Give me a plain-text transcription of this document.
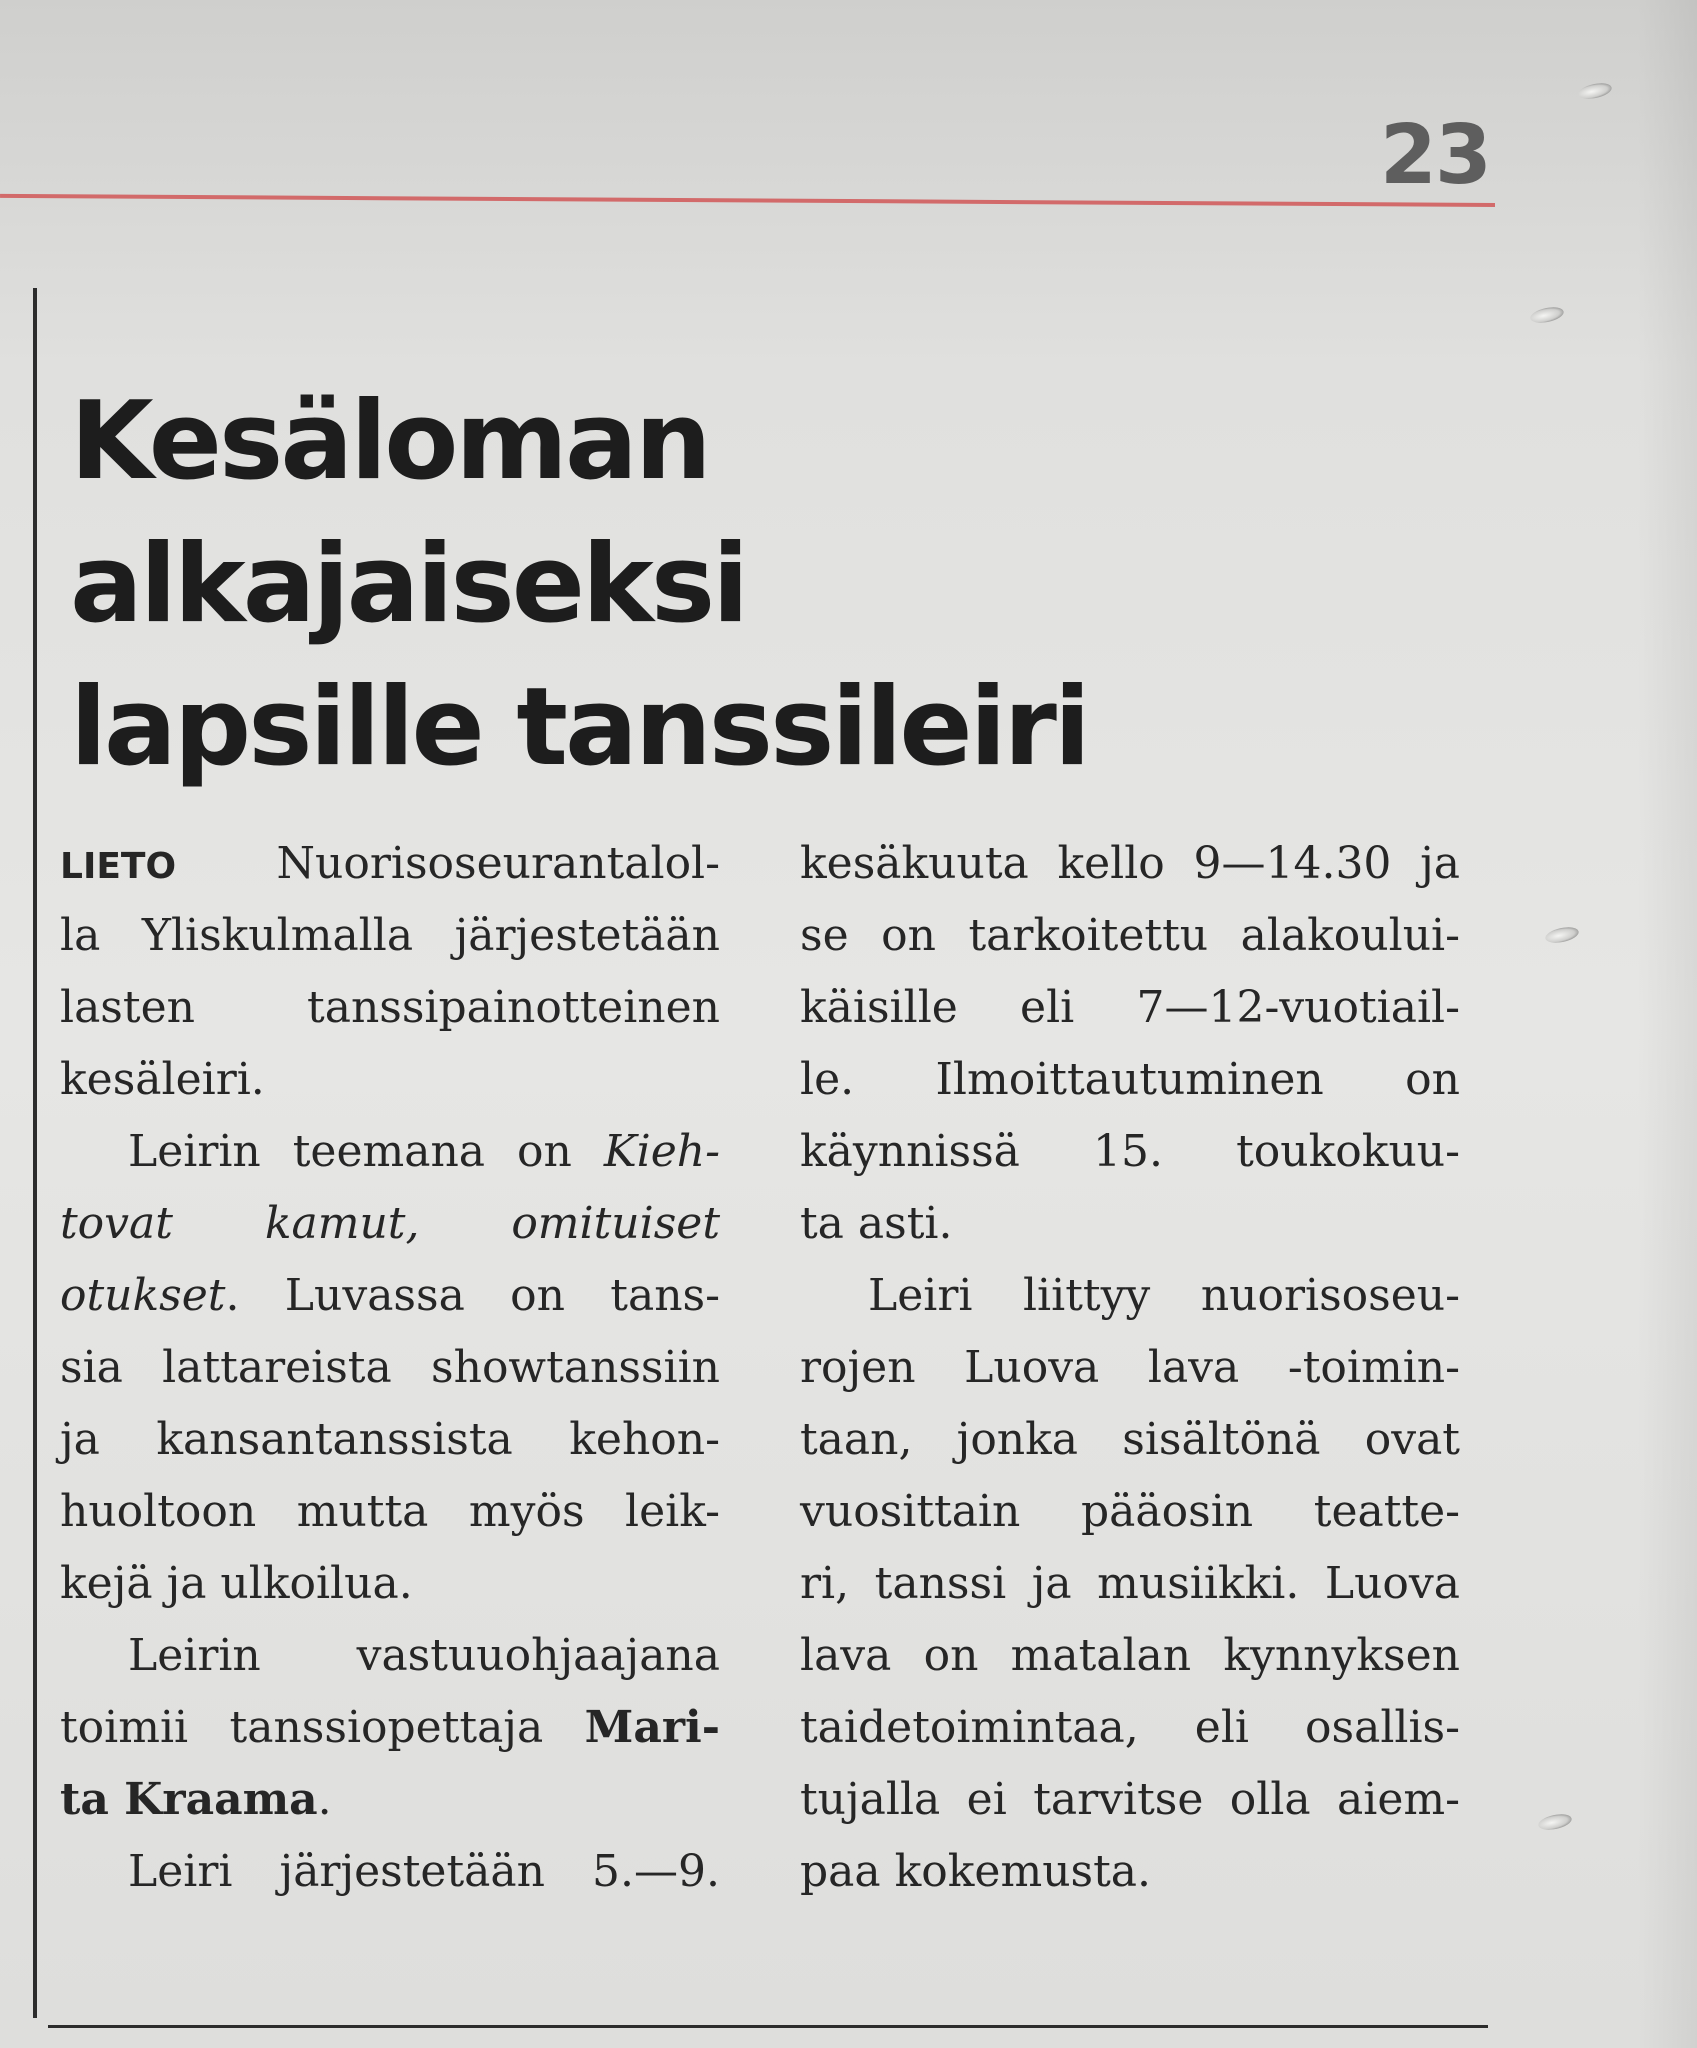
23
Kesäloman
alkajaiseksi
lapsille tanssileiri
LIETO Nuorisoseurantalol-
la Yliskulmalla järjestetään
lasten tanssipainotteinen
kesäleiri.
Leirin teemana on Kieh-
tovat kamut, omituiset
otukset. Luvassa on tans-
sia lattareista showtanssiin
ja kansantanssista kehon-
huoltoon mutta myös leik-
kejä ja ulkoilua.
Leirin vastuuohjaajana
toimii tanssiopettaja Mari-
ta Kraama.
Leiri järjestetään 5.—9.
kesäkuuta kello 9—14.30 ja
se on tarkoitettu alakoului-
käisille eli 7—12-vuotiail-
le. Ilmoittautuminen on
käynnissä 15. toukokuu-
ta asti.
Leiri liittyy nuorisoseu-
rojen Luova lava -toimin-
taan, jonka sisältönä ovat
vuosittain pääosin teatte-
ri, tanssi ja musiikki. Luova
lava on matalan kynnyksen
taidetoimintaa, eli osallis-
tujalla ei tarvitse olla aiem-
paa kokemusta.
